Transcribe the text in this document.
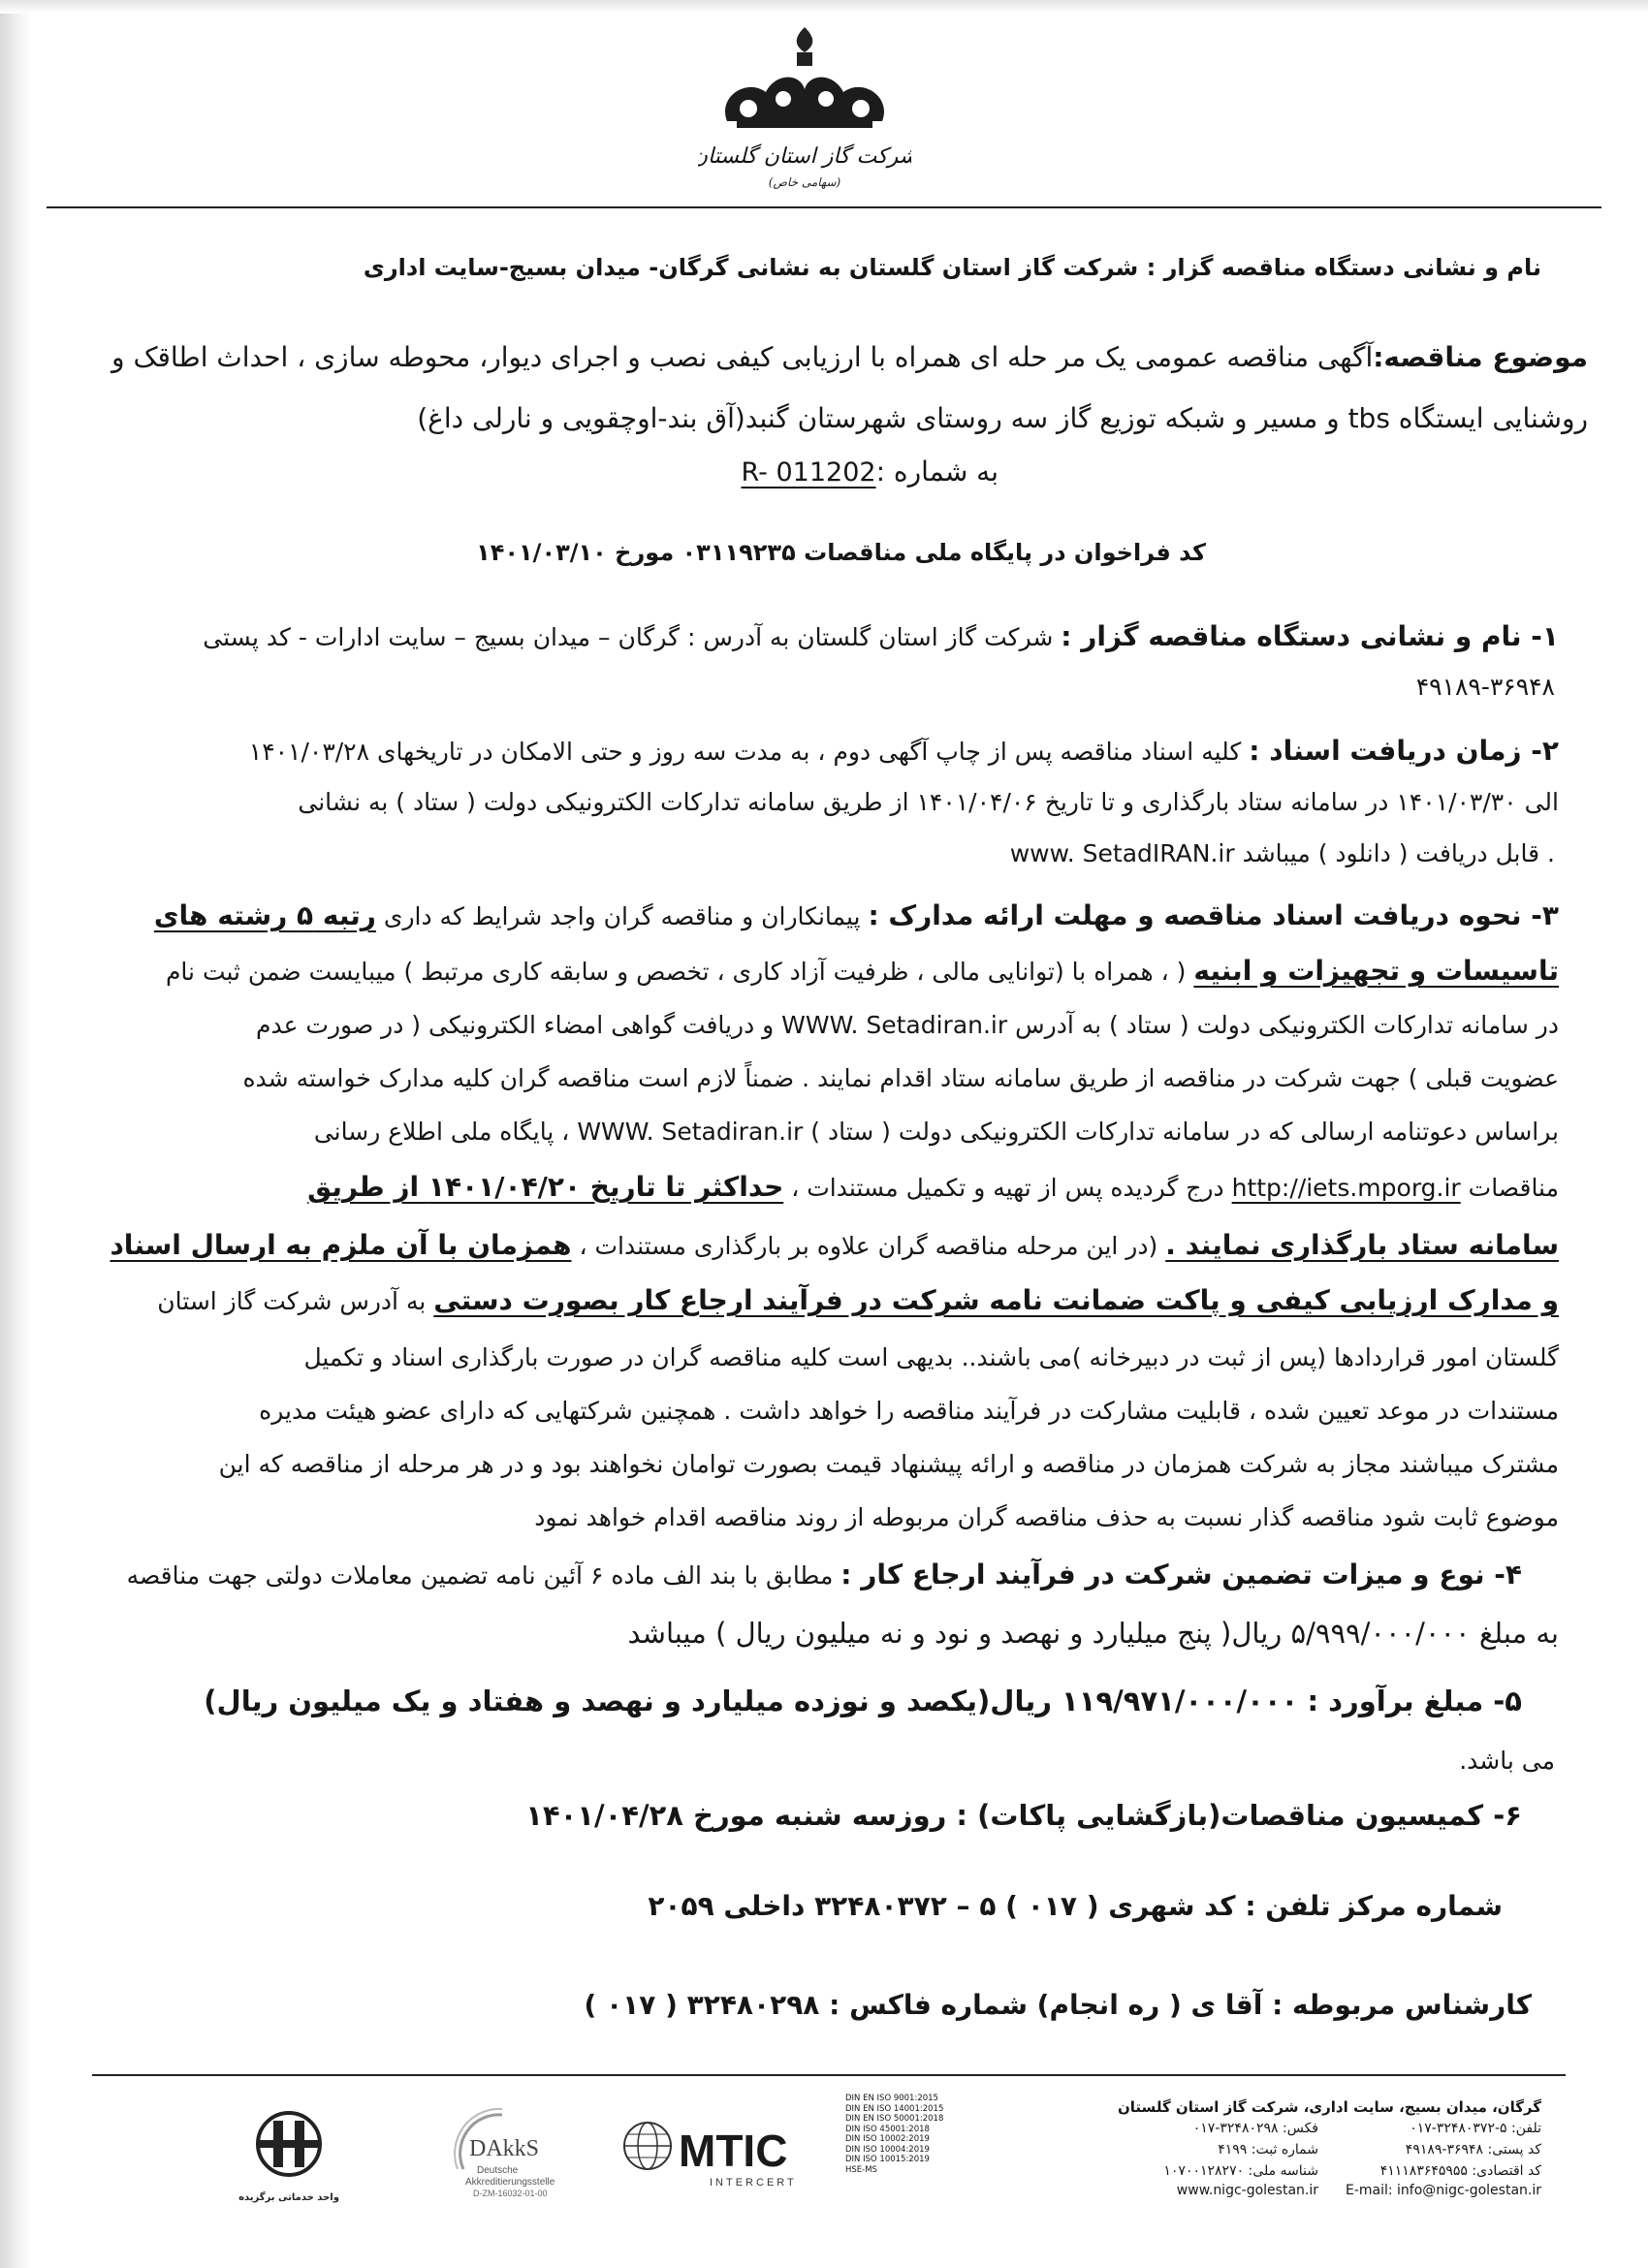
شرکت گاز استان گلستان
(سهامی خاص)
نام و نشانی دستگاه مناقصه گزار : شرکت گاز استان گلستان به نشانی گرگان- میدان بسیج-سایت اداری
موضوع مناقصه:آگهی مناقصه عمومی یک مر حله ای همراه با ارزیابی کیفی نصب و اجرای دیوار، محوطه سازی ، احداث اطاقک و
روشنایی ایستگاه tbs و مسیر و شبکه توزیع گاز سه روستای شهرستان گنبد(آق بند-اوچقویی و نارلی داغ)
به شماره :R- 011202
کد فراخوان در پایگاه ملی مناقصات ۰۳۱۱۹۲۳۵ مورخ ۱۴۰۱/۰۳/۱۰
۱- نام و نشانی دستگاه مناقصه گزار : شرکت گاز استان گلستان به آدرس : گرگان – میدان بسیج – سایت ادارات - کد پستی
۴۹۱۸۹-۳۶۹۴۸
۲- زمان دریافت اسناد : کلیه اسناد مناقصه پس از چاپ آگهی دوم ، به مدت سه روز و حتی الامکان در تاریخهای ۱۴۰۱/۰۳/۲۸
الی ۱۴۰۱/۰۳/۳۰ در سامانه ستاد بارگذاری و تا تاریخ ۱۴۰۱/۰۴/۰۶ از طریق سامانه تدارکات الکترونیکی دولت ( ستاد ) به نشانی
www. SetadIRAN.ir قابل دریافت ( دانلود ) میباشد .
۳- نحوه دریافت اسناد مناقصه و مهلت ارائه مدارک : پیمانکاران و مناقصه گران واجد شرایط که داری رتبه ۵ رشته های
تاسیسات و تجهیزات و ابنیه ( ، همراه با (توانایی مالی ، ظرفیت آزاد کاری ، تخصص و سابقه کاری مرتبط ) میبایست ضمن ثبت نام
در سامانه تدارکات الکترونیکی دولت ( ستاد ) به آدرس WWW. Setadiran.ir و دریافت گواهی امضاء الکترونیکی ( در صورت عدم
عضویت قبلی ) جهت شرکت در مناقصه از طریق سامانه ستاد اقدام نمایند . ضمناً لازم است مناقصه گران کلیه مدارک خواسته شده
براساس دعوتنامه ارسالی که در سامانه تدارکات الکترونیکی دولت ( ستاد ) WWW. Setadiran.ir ، پایگاه ملی اطلاع رسانی
مناقصات http://iets.mporg.ir درج گردیده پس از تهیه و تکمیل مستندات ، حداکثر تا تاریخ ۱۴۰۱/۰۴/۲۰ از طریق
سامانه ستاد بارگذاری نمایند . (در این مرحله مناقصه گران علاوه بر بارگذاری مستندات ، همزمان با آن ملزم به ارسال اسناد
و مدارک ارزیابی کیفی و پاکت ضمانت نامه شرکت در فرآیند ارجاع کار بصورت دستی به آدرس شرکت گاز استان
گلستان امور قراردادها (پس از ثبت در دبیرخانه )می باشند.. بدیهی است کلیه مناقصه گران در صورت بارگذاری اسناد و تکمیل
مستندات در موعد تعیین شده ، قابلیت مشارکت در فرآیند مناقصه را خواهد داشت . همچنین شرکتهایی که دارای عضو هیئت مدیره
مشترک میباشند مجاز به شرکت همزمان در مناقصه و ارائه پیشنهاد قیمت بصورت توامان نخواهند بود و در هر مرحله از مناقصه که این
موضوع ثابت شود مناقصه گذار نسبت به حذف مناقصه گران مربوطه از روند مناقصه اقدام خواهد نمود
۴- نوع و میزات تضمین شرکت در فرآیند ارجاع کار : مطابق با بند الف ماده ۶ آئین نامه تضمین معاملات دولتی جهت مناقصه
به مبلغ ۵/۹۹۹/۰۰۰/۰۰۰ ریال( پنج میلیارد و نهصد و نود و نه میلیون ریال ) میباشد
۵- مبلغ برآورد : ۱۱۹/۹۷۱/۰۰۰/۰۰۰ ریال(یکصد و نوزده میلیارد و نهصد و هفتاد و یک میلیون ریال)
می باشد.
۶- کمیسیون مناقصات(بازگشایی پاکات) : روزسه شنبه مورخ ۱۴۰۱/۰۴/۲۸
شماره مرکز تلفن : کد شهری ( ۰۱۷ ) ۵ – ۳۲۴۸۰۳۷۲ داخلی ۲۰۵۹
کارشناس مربوطه : آقا ی ( ره انجام)
شماره فاکس : ۳۲۴۸۰۲۹۸ ( ۰۱۷ )
گرگان، میدان بسیج، سایت اداری، شرکت گاز استان گلستان
تلفن: ۵-۳۲۴۸۰۳۷۲-۰۱۷
فکس: ۳۲۴۸۰۲۹۸-۰۱۷
کد پستی: ۳۶۹۴۸-۴۹۱۸۹
شماره ثبت: ۴۱۹۹
کد اقتصادی: ۴۱۱۱۸۳۶۴۵۹۵۵
شناسه ملی: ۱۰۷۰۰۱۲۸۲۷۰
www.nigc-golestan.ir E-mail: info@nigc-golestan.ir
DIN EN ISO 9001:2015
DIN EN ISO 14001:2015
DIN EN ISO 50001:2018
DIN ISO 45001:2018
DIN ISO 10002:2019
DIN ISO 10004:2019
DIN ISO 10015:2019
HSE-MS
MTIC
INTERCERT
DAkkS
Deutsche
Akkreditierungsstelle
D-ZM-16032-01-00
واحد خدماتی برگزیده
